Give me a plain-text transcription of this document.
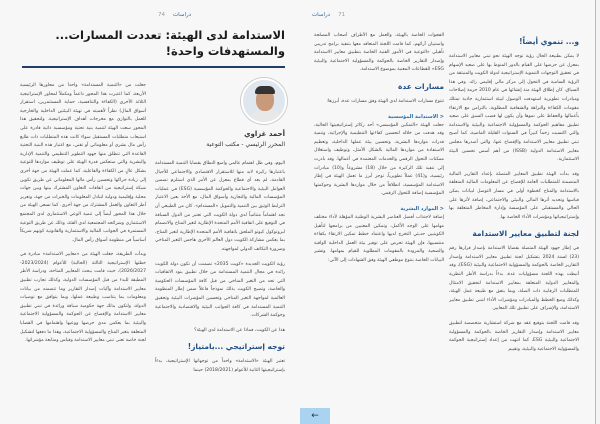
دراسات74
الاستدامة لدى الهيئة: تعددت المسارات... والمستهدفات واحدة!
أحمد غزاوي
المحرر الرئيسي - مكتب التوعية

اليوم، وفي ظل اهتمام عالمي واسع النطاق بقضايا التنمية المستدامة باعتبارها ركيزة لابد منها للاستقرار الاقتصادي والاجتماعي للأجيال القادمة، لم يعد أي قطاع بمعزل عن الأمر الذي استلزم تضمين العوامل البيئية والاجتماعية والحوكمة المؤسسية (ESG) في عمليات المؤسسات المالية والتجارية وأسواق المال، مع الأخذ بعين الاعتبار الترابط الوثيق بين التنمية والتمويل «المستدام». كان من الطبيعي أن نجد اهتماماً متنامياً لدى دولة الكويت التي تعتبر من الدول السباقة في التوقيع على اتفاقية الأمم المتحدة الإطارية لتغير المناخ والانضمام لبروتوكول كيوتو الملحق باتفاقية الأمم المتحدة الإطارية لتغير المناخ، بما يعكس مشاركة الكويت دول العالم الأخرى هاجس التغير المناخي وضرورة التكاتف الدولي لمواجهته.

رؤية الكويت الجديدة «كويت 2035» تضمنت أن تكون دولة الكويت رائدة في مجال التنمية المستدامة من خلال تطبيق بنود الاتفاقيات التي تحد من التغير المناخي من قبل كافة المؤسسات الحكومية والخاصة، وتصبح الكويت بذلك نموذجاً فاعلاً ضمن إطار المنظومة العالمية لمواجهة التغير المناخي وتحسين المؤشرات البيئية وتحقيق التنمية المستدامة في كافة الجوانب البيئية والاقتصادية والاجتماعية وحوكمة الشركات.

هذا عن الكويت، فماذا عن الاستدامة لدى الهيئة؟

توجه إستراتيجي ...بامتياز!

تعتبر الهيئة «الاستدامة» واحداً من توجهاتها الإستراتيجية، بدءاً بإستراتيجيتها الثانية للأعوام (2018/2021) حينما

جعلت من «التنمية المستدامة» واحداً من محاورها الرئيسية الأربعة، كما اعتبرت هذا المحور داعماً ومكملاً لمحاور الإستراتيجية الثلاثة الأخرى (الكفاءة والتنافسية، حماية المستثمرين، استقرار أسواق المال) نظراً لأهميته في تهيئة البيئتين الداخلية والخارجية للعمل بالتوازي مع مخرجات أهداف الإستراتيجية. ولتحقيق هذا المحور سعت الهيئة لتنمية بنية تحتية ومؤسسية ذاتية قادرة على استيعاب متطلبات المستقبل سواء كانت هذه المتطلبات ذات طابع رأس مال بشري أو معلوماتي أو تقني، مع اعتبار هذه البنية التحتية القاعدة التي تنطلق منها جهود التطوير التنظيمي والتنمية الإدارية والبشرية والتي ستعكس قدرة الهيئة على توظيف مواردها للتوعية بشكل عالٍ من الكفاءة والفاعلية، كما عملت الهيئة من جهة أخرى إلى زيادة حراكها وتحسين رأس مالها المعلوماتي عن طريق تكوين شبكة إستراتيجية من اتفاقات التعاون المشترك بينها وبين جهات محلية وإقليمية ودولية لتبادل المعلومات والخبرات من جهة، وتعزيز أطر التعاون والعمل المشترك من جهة أخرى. كما تسعى الهيئة من خلال هذا المحور أيضاً إلى تنمية الوعي الاستثماري لدى المجتمع الاستثماري وشرائحه المجتمعية لدى الفئة، وذلك عن طريق التوعية المستمرة في الجوانب المالية والاستثمارية والقانونية كونهم شريكاً أساسياً في منظومة أسواق رأس المال.

وبدأت الطريقة، جعلت الهيئة من «معايير الاستدامة» مبادرة في خطتها الإستراتيجية الثالثة (الحالية) للأعوام (2023/2024-2026/2027)، حيث قامت ببحث المعايير المتاحة، ودراسة الأطر المطبقة للبدء من قبل المؤسسات الدولية، وكذلك تجارب تطبيق معايير الاستدامة وآليات إصدار التقارير وما تتضمنه من بيانات ومعلومات بما يتناسب وطبيعة عملها، وبما يتوافق مع توصيات الدولة، ولتكون بذلك جهة حكومية سباقة ورائدة في تبني تطبيق معايير الاستدامة والإفصاح عن الحوكمة والمسؤولية الاجتماعية والبيئية بما يعكس مدى حرصها ووعيها واهتمامها في القضايا المتعلقة بتغير المناخ والمسؤولية الاجتماعية، وهذا ما دفعها لتشكيل لجنة خاصة تعنى تبني معايير الاستدامة وقياس ومتابعة مؤشراتها.

71دراسات
و... تنموي أيضاً!

لا يمكن بطبيعة الحال رؤية توجه الهيئة نحو تبني معايير الاستدامة بمعزل عن حرصها على القيام بالدور المنوط بها على صعيد الإسهام في تحقيق التوجهات التنموية الإستراتيجية لدولة الكويت والمنبثقة من الرؤية السامية في التحول إلى مركز مالي إقليمي رائد. وفي هذا السياق، كان إطلاق الهيئة منذ إنشائها في عام 2010 حزمة إصلاحات ومبادرات تطويرية استهدفت الوصول لبيئة استثمارية جاذبة تمتلك مقومات الكفاءة والنزاهة والشفافية المطلوبة، بالتزامن مع الارتقاء بأعمالها والحفاظ على نموها وأن يكون لها قصب السبق على صعيد تطبيق مفاهيم الحوكمة والمسؤولية الاجتماعية والبيئية والاستدامة والتي اكتسبت زخماً كبيراً في السنوات القليلة الماضية، كما أصبح تبني تطبيق معايير الاستدامة والإفصاح عنها، والتي أصدرها مجلس معايير الاستدامة الدولية (ISSB) من أهم أسس تحسين البيئة الاستثمارية.

وقد بدأت الهيئة تطبيق المعايير المتصلة بإعداد التقارير المالية المتضمنة للمتطلبات العامة للإفصاح عن المعلومات المالية المتعلقة بالاستدامة والمناخ كخطوة أولى في مسار التوصل لبيانات يمكن قياسها وتحديد أثرها المالي والبيئي والاجتماعي، إضافة لأثرها على الحالي والمستقبلي على المؤسسة وإدارة المخاطر المتعلقة بها وإستراتيجياتها ومؤشرات الأداء الخاصة بها.

لجنة لتطبيق معايير الاستدامة

في إطار جهود الهيئة المتصلة بقضايا الاستدامة بإصدار قرارها رقم (23) لسنة 2024 بتشكيل لجنة تطبيق معايير الاستدامة وإصدار التقارير الخاصة بالحوكمة والمسؤولية الاجتماعية والبيئية (ESG)، وقد أنيطت بهذه اللجنة مسؤوليات عدة، بدءاً بدراسة الأطر النظرية والمعايير الدولية المتعلقة بمعايير الاستدامة لتحقيق الامتثال للمتطلبات الرقابية ذات الصلة، وبما يتفق مع طبيعة عمل الهيئة، وكذلك وضع الخطط والمبادرات ومؤشرات الأداء لتبني تطبيق معايير الاستدامة، والإشراف على تطبيق تلك المعايير.

وقد قامت اللجنة بتوقيع عقد مع شركة استشارية متخصصة لتطبيق معايير الاستدامة وإصدار التقارير الخاصة بالحوكمة والمسؤولية الاجتماعية والبيئية ESG، كما انتهت من إعداد إستراتيجية الحوكمة والمسؤولية الاجتماعية والبيئية، وتقييم

الفجوات الخاصة بالهيئة، والعمل مع الأطراف أصحاب المصلحة واستبيان آرائهم، كما قامت اللجنة المتعاقد معها بتنفيذ برامج تدريبي تأهيلي «التوعية في الأمور الفنية الخاصة بتطبيق معايير الاستدامة وإصدار التقارير الخاصة بالحوكمة والمسؤولية الاجتماعية والبيئية ESG» للقطاعات المعنية بموضوع الاستدامة.

مسارات عدة

تتنوع مسارات الاستدامة لدى الهيئة وفق مسارات عدة، أبرزها:

< الاستدامة المؤسسية

جعلت الهيئة «التمكين المؤسسي» أحد ركائز إستراتيجيتها الحالية، وقد هدفت من خلاله لتحسين كفاءتها التنظيمية والإجرائية، وتنمية قدرات مواردها البشرية، وتحسين بيئة عملها الداخلية، وتعظيم الاستفادة من مواردها المالية بالشكل الأمثل، وتوظيف واستغلال ممكنات التحول الرقمي والخدمات المعتمدة في أعمالها. وقد بادرت إلى تنفيذ تلك الركيزة من خلال (18) مشروعاً و(10) مبادرات رئيسية، و(41) عملاً تطويرياً، توجز أبرز ما تعمل الهيئة في إطار الاستدامة المؤسسية، انطلاقاً من خلال مواردها البشرية وحوكمتها المؤسسية إضافة للتحول الرقمي.

< الموارد البشرية

إضافة لاجتذاب أفضل العناصر البشرية الوطنية المؤهلة لأداء مختلف مهامها على الوجه الأكمل، وتمكين المعنيين من برامجها لتأهيل الكويتيين حديثي التخرج لديها واعتماد خطط تمكين الارتقاء بكفاءة منتسبيها، فإن الهيئة تحرص على توفير بيئة العمل الداخلية الواقية والصحية والمزودة بالمقومات المطلوبة للقيام بمهامها. وتشير البيانات الخاصة بتنوع موظفي الهيئة وفق الشهادات إلى الآتي:

←
